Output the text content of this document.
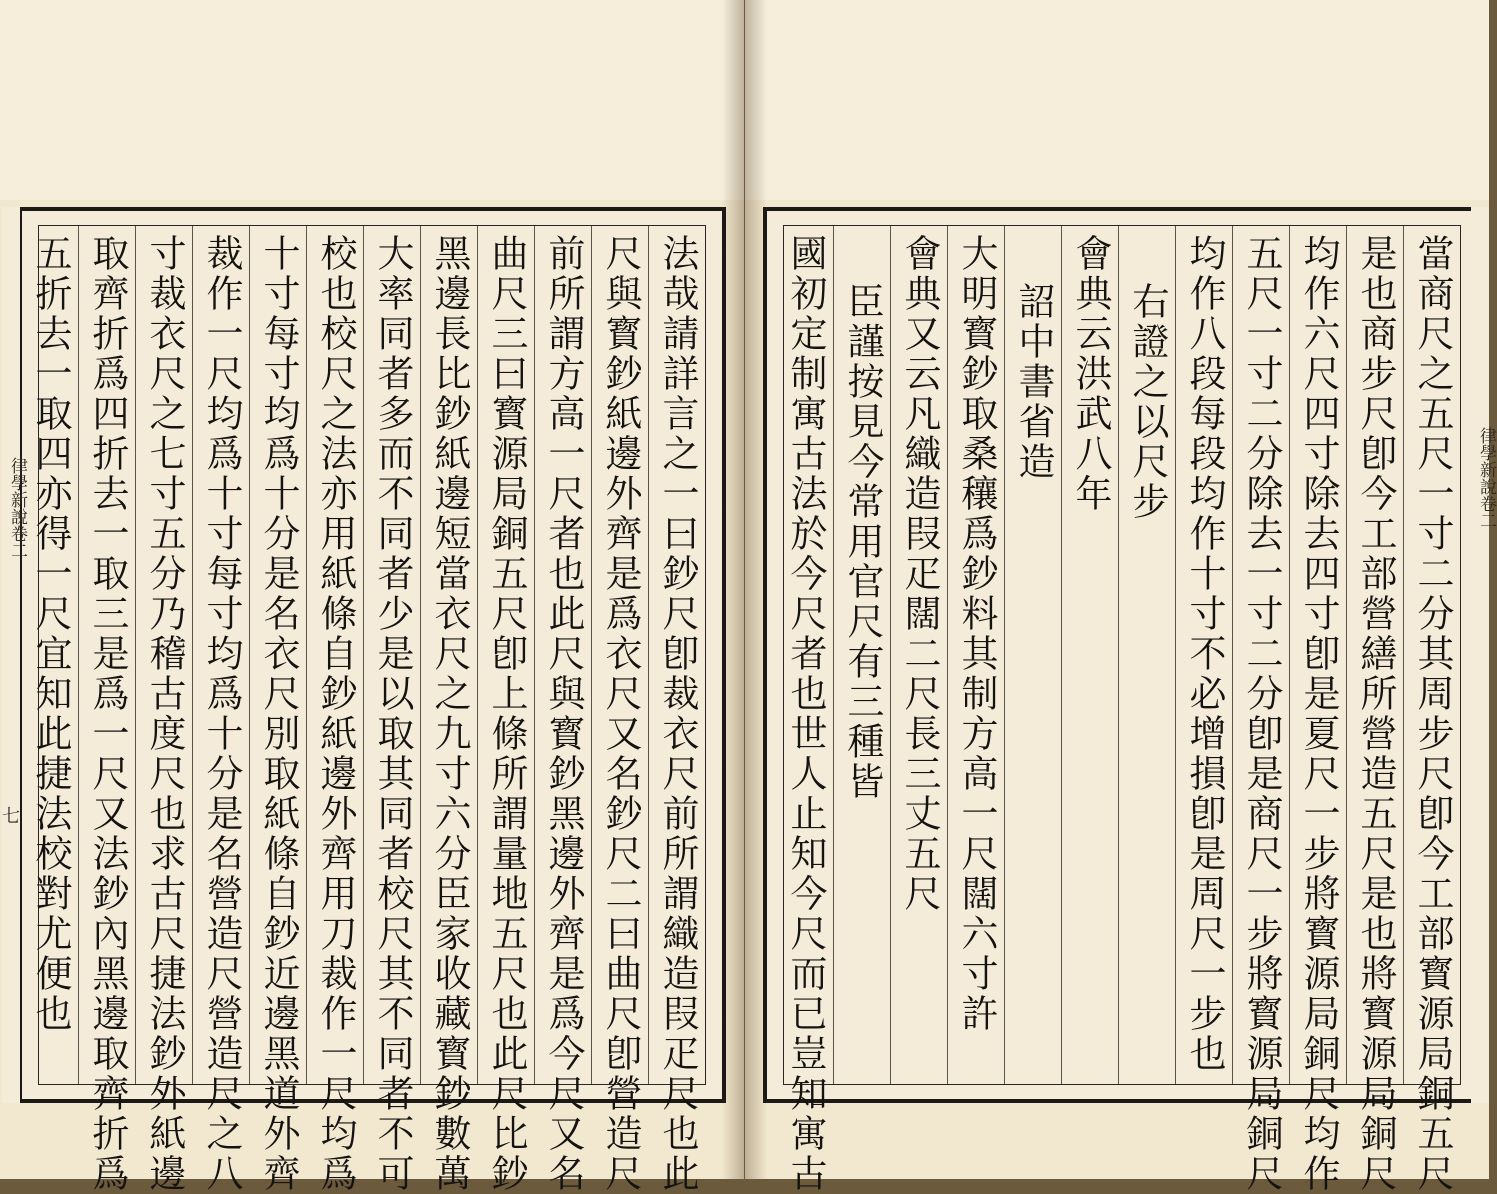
法哉請詳言之一曰鈔尺卽裁衣尺前所謂織造叚疋尺也此
尺與寳鈔紙邊外齊是爲衣尺又名鈔尺二曰曲尺卽營造尺
前所謂方高一尺者也此尺與寳鈔黑邊外齊是爲今尺又名
曲尺三曰寳源局銅五尺卽上條所謂量地五尺也此尺比鈔
黑邊長比鈔紙邊短當衣尺之九寸六分臣家收藏寳鈔數萬
大率同者多而不同者少是以取其同者校尺其不同者不可
校也校尺之法亦用紙條自鈔紙邊外齊用刀裁作一尺均爲
十寸每寸均爲十分是名衣尺別取紙條自鈔近邊黑道外齊
裁作一尺均爲十寸每寸均爲十分是名營造尺營造尺之八
寸裁衣尺之七寸五分乃稽古度尺也求古尺捷法鈔外紙邊
取齊折爲四折去一取三是爲一尺又法鈔內黑邊取齊折爲
五折去一取四亦得一尺宜知此捷法校對尤便也
律學新說卷二
七	當商尺之五尺一寸二分其周步尺卽今工部寳源局銅五尺
是也商步尺卽今工部營繕所營造五尺是也將寳源局銅尺
均作六尺四寸除去四寸卽是夏尺一步將寳源局銅尺均作
五尺一寸二分除去一寸二分卽是商尺一步將寳源局銅尺
均作八段每段均作十寸不必增損卽是周尺一步也
右證之以尺步
會典云洪武八年
詔中書省造
大明寳鈔取桑穰爲鈔料其制方高一尺闊六寸許
會典又云凡織造叚疋闊二尺長三丈五尺
臣謹按見今常用官尺有三種皆
國初定制寓古法於今尺者也世人止知今尺而已豈知寓古	律學新說卷二
